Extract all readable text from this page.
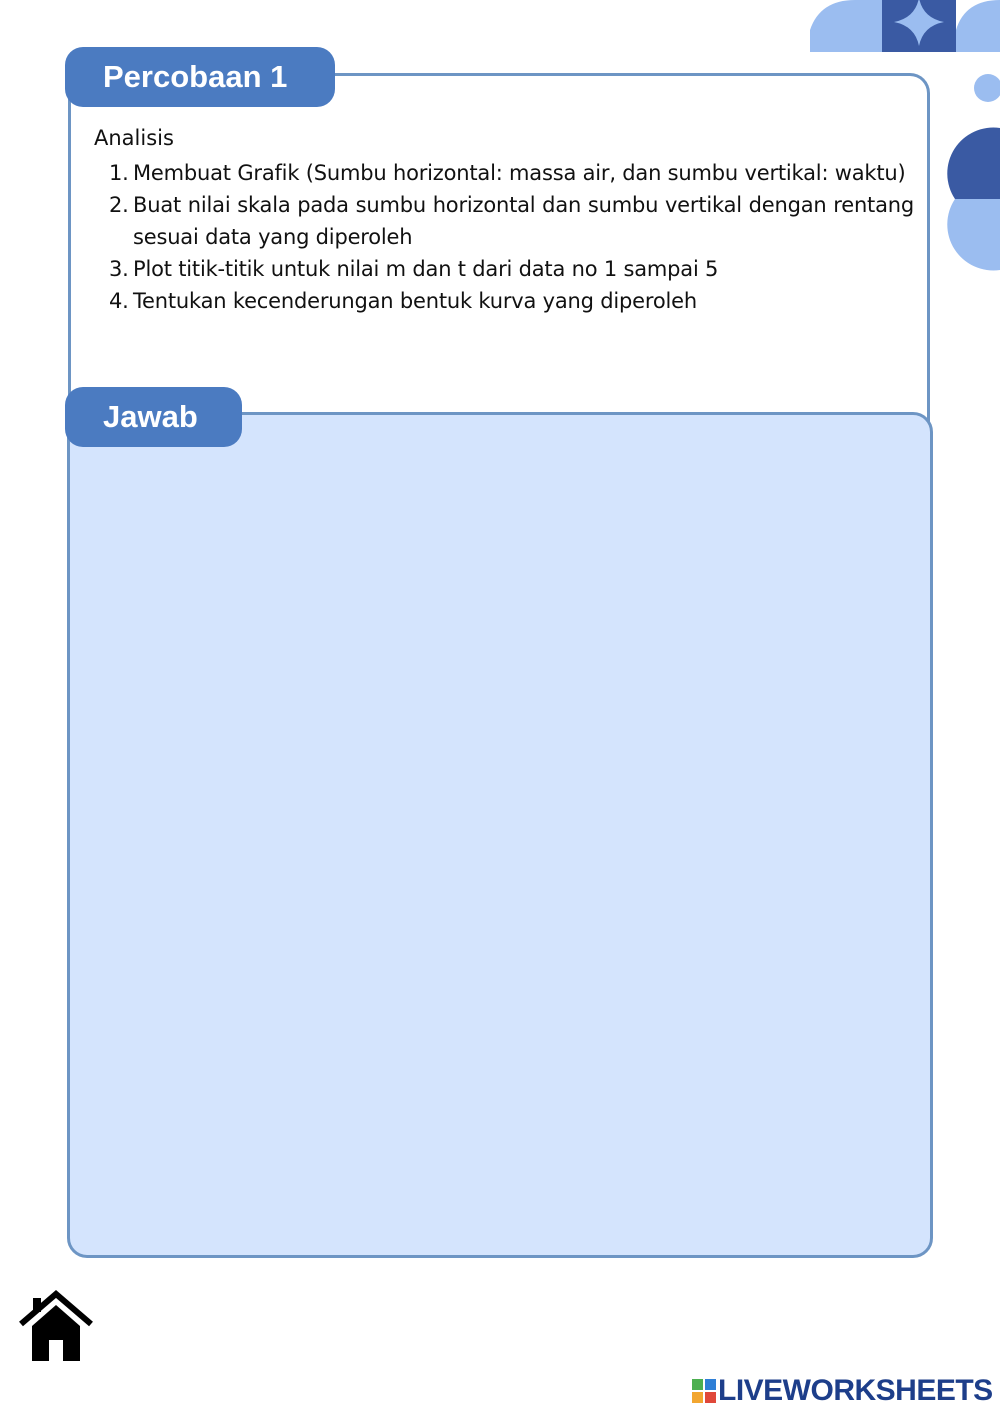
Percobaan 1
Analisis
1. Membuat Grafik (Sumbu horizontal: massa air, dan sumbu vertikal: waktu)
2. Buat nilai skala pada sumbu horizontal dan sumbu vertikal dengan rentang sesuai data yang diperoleh
3. Plot titik-titik untuk nilai m dan t dari data no 1 sampai 5
4. Tentukan kecenderungan bentuk kurva yang diperoleh
Jawab
LIVEWORKSHEETS
